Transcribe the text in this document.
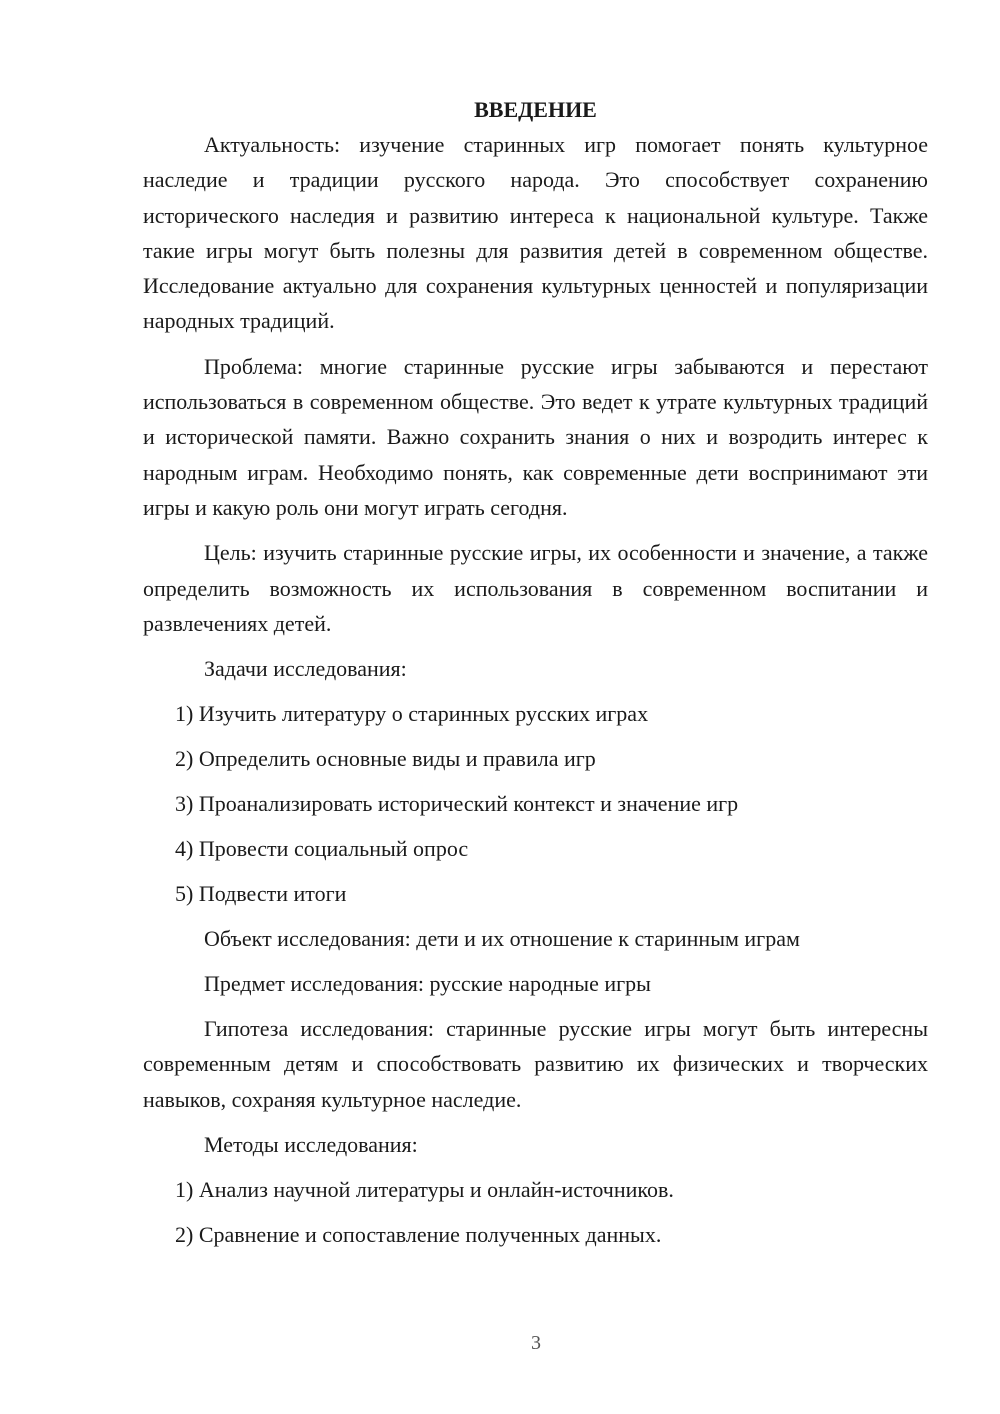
ВВЕДЕНИЕ

Актуальность: изучение старинных игр помогает понять культурное наследие и традиции русского народа. Это способствует сохранению исторического наследия и развитию интереса к национальной культуре. Также такие игры могут быть полезны для развития детей в современном обществе. Исследование актуально для сохранения культурных ценностей и популяризации народных традиций.

Проблема: многие старинные русские игры забываются и перестают использоваться в современном обществе. Это ведет к утрате культурных традиций и исторической памяти. Важно сохранить знания о них и возродить интерес к народным играм. Необходимо понять, как современные дети воспринимают эти игры и какую роль они могут играть сегодня.

Цель: изучить старинные русские игры, их особенности и значение, а также определить возможность их использования в современном воспитании и развлечениях детей.

Задачи исследования:
1) Изучить литературу о старинных русских играх
2) Определить основные виды и правила игр
3) Проанализировать исторический контекст и значение игр
4) Провести социальный опрос
5) Подвести итоги
Объект исследования: дети и их отношение к старинным играм
Предмет исследования: русские народные игры

Гипотеза исследования: старинные русские игры могут быть интересны современным детям и способствовать развитию их физических и творческих навыков, сохраняя культурное наследие.

Методы исследования:
1) Анализ научной литературы и онлайн-источников.
2) Сравнение и сопоставление полученных данных.
3
